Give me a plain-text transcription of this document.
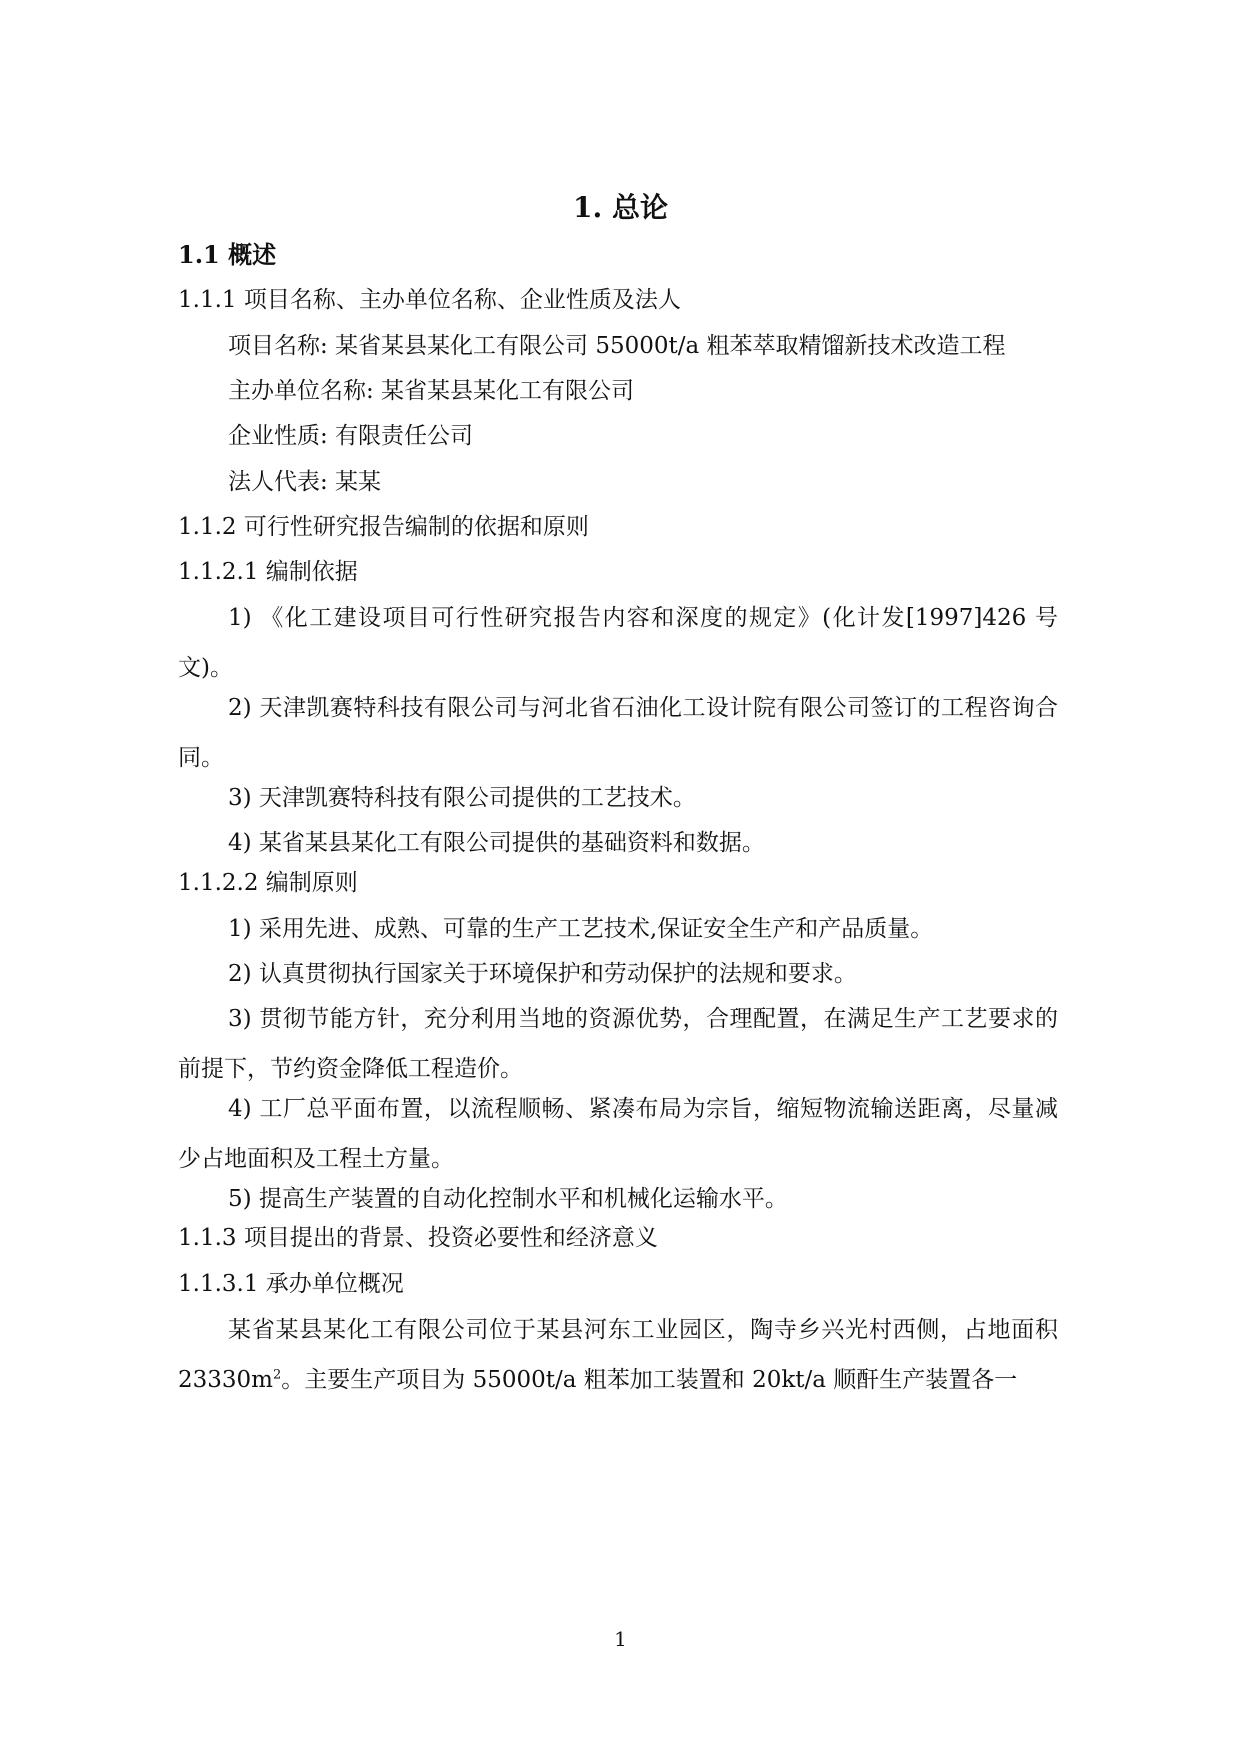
1. 总论
1.1 概述
1.1.1 项目名称、主办单位名称、企业性质及法人
项目名称: 某省某县某化工有限公司 55000t/a 粗苯萃取精馏新技术改造工程
主办单位名称: 某省某县某化工有限公司
企业性质: 有限责任公司
法人代表: 某某
1.1.2 可行性研究报告编制的依据和原则
1.1.2.1 编制依据
1) 《化工建设项目可行性研究报告内容和深度的规定》(化计发[1997]426 号文)。
2) 天津凯赛特科技有限公司与河北省石油化工设计院有限公司签订的工程咨询合同。
3) 天津凯赛特科技有限公司提供的工艺技术。
4) 某省某县某化工有限公司提供的基础资料和数据。
1.1.2.2 编制原则
1) 采用先进、成熟、可靠的生产工艺技术,保证安全生产和产品质量。
2) 认真贯彻执行国家关于环境保护和劳动保护的法规和要求。
3) 贯彻节能方针，充分利用当地的资源优势，合理配置，在满足生产工艺要求的前提下，节约资金降低工程造价。
4) 工厂总平面布置，以流程顺畅、紧凑布局为宗旨，缩短物流输送距离，尽量减少占地面积及工程土方量。
5) 提高生产装置的自动化控制水平和机械化运输水平。
1.1.3 项目提出的背景、投资必要性和经济意义
1.1.3.1 承办单位概况
某省某县某化工有限公司位于某县河东工业园区，陶寺乡兴光村西侧，占地面积 $23330m^2$。主要生产项目为 55000t/a 粗苯加工装置和 20kt/a 顺酐生产装置各一
1
